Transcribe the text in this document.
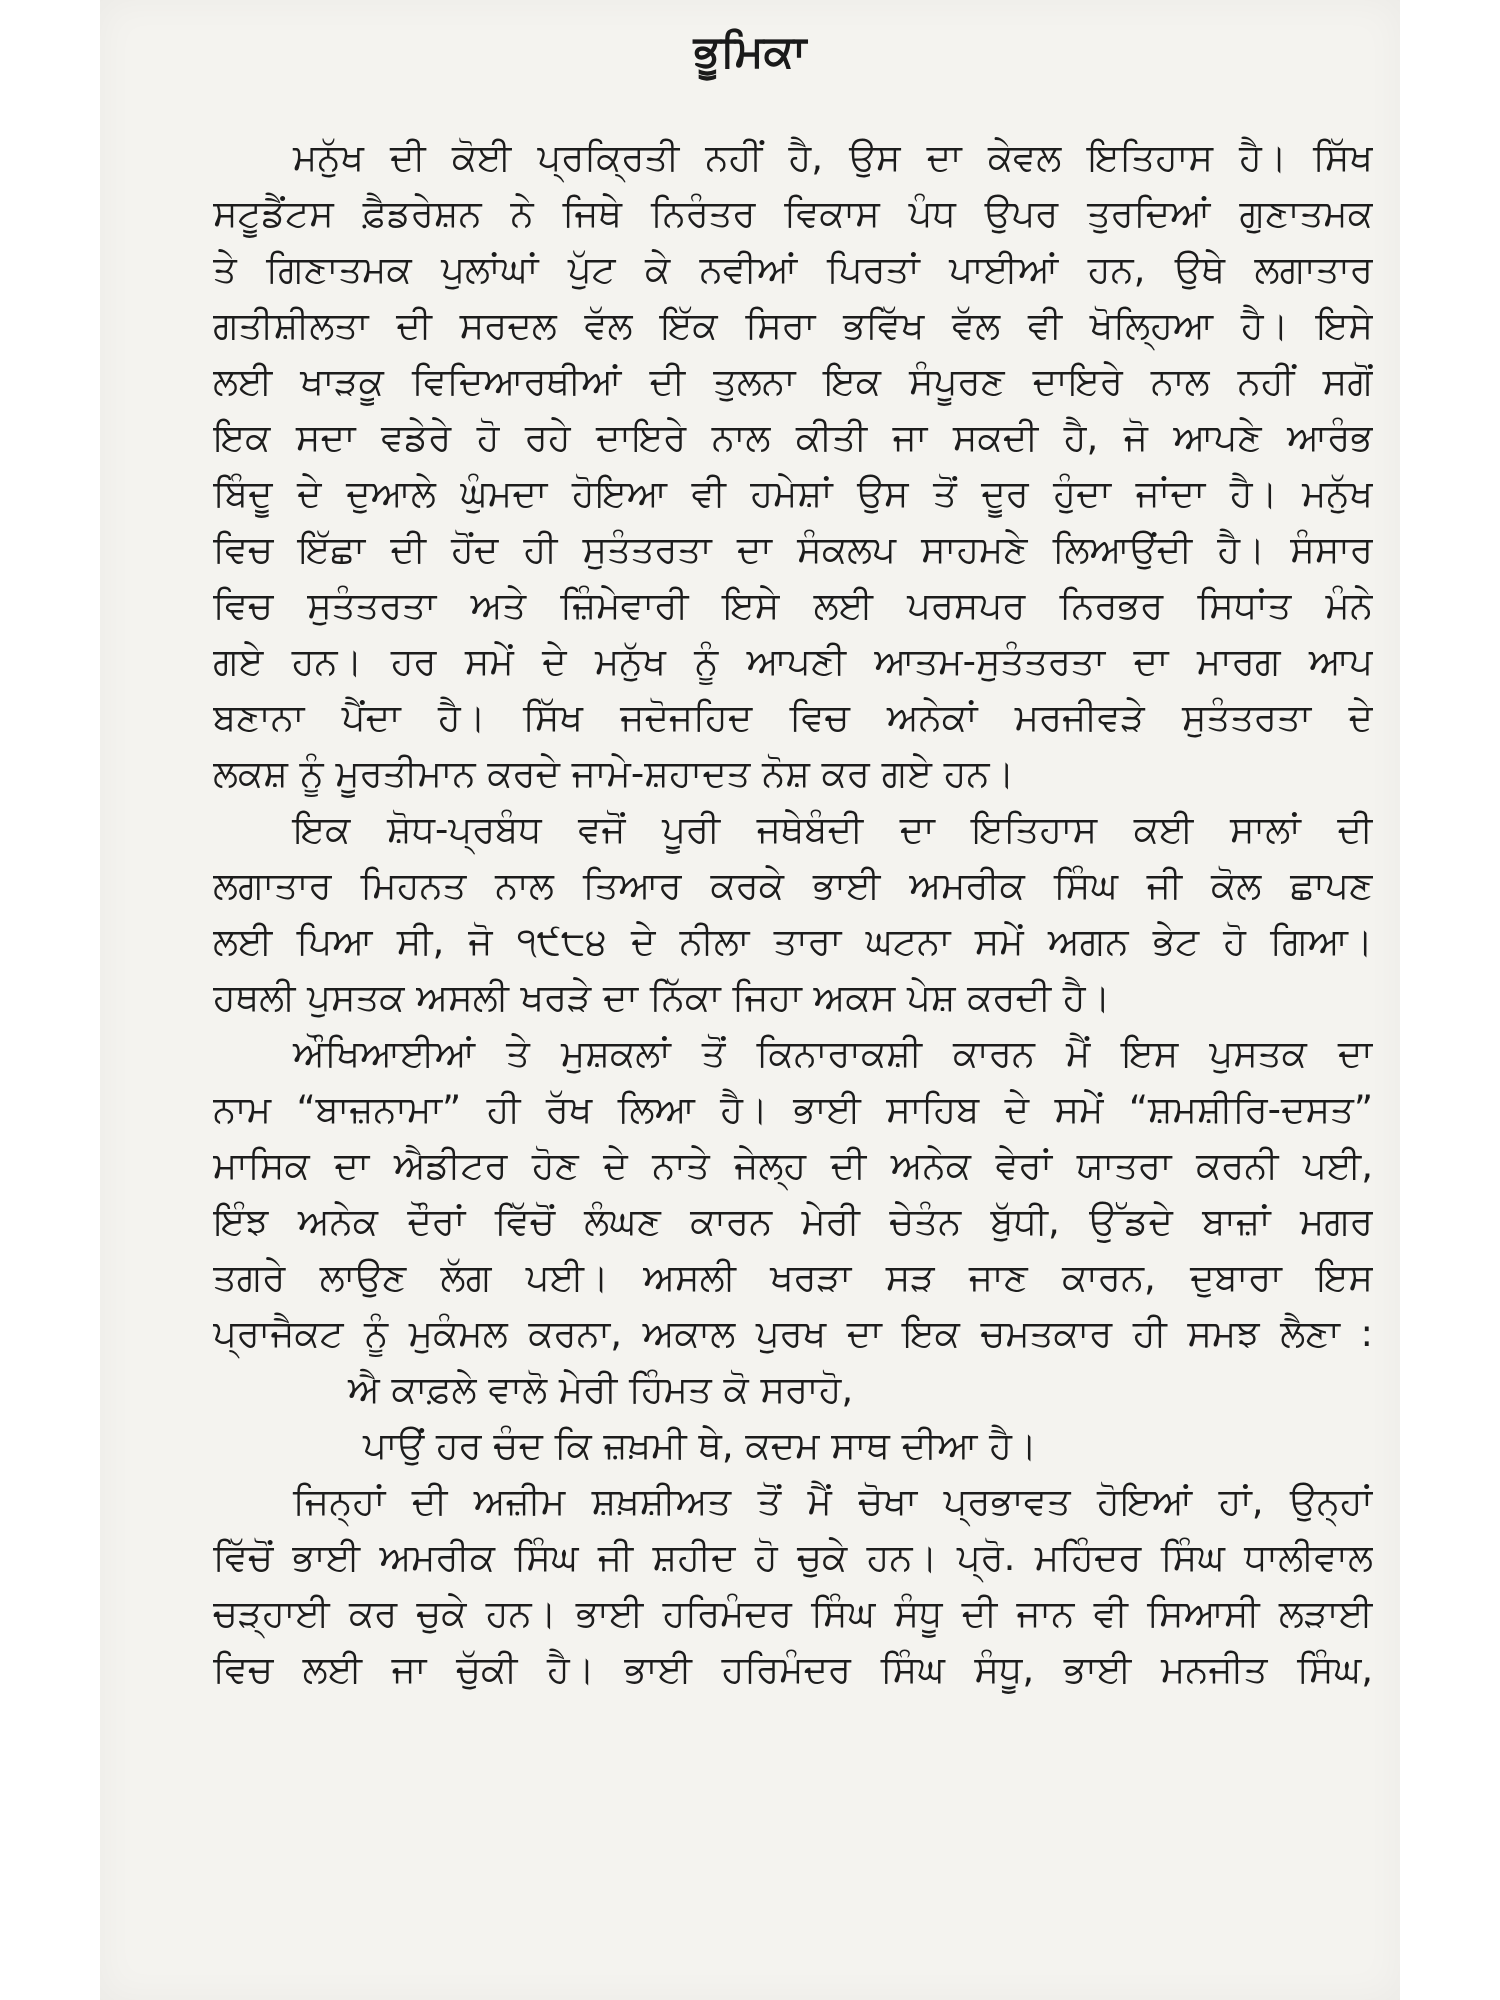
ਭੂਮਿਕਾ
ਮਨੁੱਖ ਦੀ ਕੋਈ ਪ੍ਰਕ੍ਰਿਤੀ ਨਹੀਂ ਹੈ, ਉਸ ਦਾ ਕੇਵਲ ਇਤਿਹਾਸ ਹੈ। ਸਿੱਖ
ਸਟੂਡੈਂਟਸ ਫ਼ੈਡਰੇਸ਼ਨ ਨੇ ਜਿਥੇ ਨਿਰੰਤਰ ਵਿਕਾਸ ਪੰਧ ਉਪਰ ਤੁਰਦਿਆਂ ਗੁਣਾਤਮਕ
ਤੇ ਗਿਣਾਤਮਕ ਪੁਲਾਂਘਾਂ ਪੁੱਟ ਕੇ ਨਵੀਆਂ ਪਿਰਤਾਂ ਪਾਈਆਂ ਹਨ, ਉਥੇ ਲਗਾਤਾਰ
ਗਤੀਸ਼ੀਲਤਾ ਦੀ ਸਰਦਲ ਵੱਲ ਇੱਕ ਸਿਰਾ ਭਵਿੱਖ ਵੱਲ ਵੀ ਖੋਲ੍ਹਿਆ ਹੈ। ਇਸੇ
ਲਈ ਖਾੜਕੂ ਵਿਦਿਆਰਥੀਆਂ ਦੀ ਤੁਲਨਾ ਇਕ ਸੰਪੂਰਣ ਦਾਇਰੇ ਨਾਲ ਨਹੀਂ ਸਗੋਂ
ਇਕ ਸਦਾ ਵਡੇਰੇ ਹੋ ਰਹੇ ਦਾਇਰੇ ਨਾਲ ਕੀਤੀ ਜਾ ਸਕਦੀ ਹੈ, ਜੋ ਆਪਣੇ ਆਰੰਭ
ਬਿੰਦੂ ਦੇ ਦੁਆਲੇ ਘੁੰਮਦਾ ਹੋਇਆ ਵੀ ਹਮੇਸ਼ਾਂ ਉਸ ਤੋਂ ਦੂਰ ਹੁੰਦਾ ਜਾਂਦਾ ਹੈ। ਮਨੁੱਖ
ਵਿਚ ਇੱਛਾ ਦੀ ਹੋਂਦ ਹੀ ਸੁਤੰਤਰਤਾ ਦਾ ਸੰਕਲਪ ਸਾਹਮਣੇ ਲਿਆਉਂਦੀ ਹੈ। ਸੰਸਾਰ
ਵਿਚ ਸੁਤੰਤਰਤਾ ਅਤੇ ਜ਼ਿੰਮੇਵਾਰੀ ਇਸੇ ਲਈ ਪਰਸਪਰ ਨਿਰਭਰ ਸਿਧਾਂਤ ਮੰਨੇ
ਗਏ ਹਨ। ਹਰ ਸਮੇਂ ਦੇ ਮਨੁੱਖ ਨੂੰ ਆਪਣੀ ਆਤਮ-ਸੁਤੰਤਰਤਾ ਦਾ ਮਾਰਗ ਆਪ
ਬਣਾਨਾ ਪੈਂਦਾ ਹੈ। ਸਿੱਖ ਜਦੋਜਹਿਦ ਵਿਚ ਅਨੇਕਾਂ ਮਰਜੀਵੜੇ ਸੁਤੰਤਰਤਾ ਦੇ
ਲਕਸ਼ ਨੂੰ ਮੂਰਤੀਮਾਨ ਕਰਦੇ ਜਾਮੇ-ਸ਼ਹਾਦਤ ਨੋਸ਼ ਕਰ ਗਏ ਹਨ।
ਇਕ ਸ਼ੋਧ-ਪ੍ਰਬੰਧ ਵਜੋਂ ਪੂਰੀ ਜਥੇਬੰਦੀ ਦਾ ਇਤਿਹਾਸ ਕਈ ਸਾਲਾਂ ਦੀ
ਲਗਾਤਾਰ ਮਿਹਨਤ ਨਾਲ ਤਿਆਰ ਕਰਕੇ ਭਾਈ ਅਮਰੀਕ ਸਿੰਘ ਜੀ ਕੋਲ ਛਾਪਣ
ਲਈ ਪਿਆ ਸੀ, ਜੋ ੧੯੮੪ ਦੇ ਨੀਲਾ ਤਾਰਾ ਘਟਨਾ ਸਮੇਂ ਅਗਨ ਭੇਟ ਹੋ ਗਿਆ।
ਹਥਲੀ ਪੁਸਤਕ ਅਸਲੀ ਖਰੜੇ ਦਾ ਨਿੱਕਾ ਜਿਹਾ ਅਕਸ ਪੇਸ਼ ਕਰਦੀ ਹੈ।
ਔਖਿਆਈਆਂ ਤੇ ਮੁਸ਼ਕਲਾਂ ਤੋਂ ਕਿਨਾਰਾਕਸ਼ੀ ਕਾਰਨ ਮੈਂ ਇਸ ਪੁਸਤਕ ਦਾ
ਨਾਮ “ਬਾਜ਼ਨਾਮਾ” ਹੀ ਰੱਖ ਲਿਆ ਹੈ। ਭਾਈ ਸਾਹਿਬ ਦੇ ਸਮੇਂ “ਸ਼ਮਸ਼ੀਰਿ-ਦਸਤ”
ਮਾਸਿਕ ਦਾ ਐਡੀਟਰ ਹੋਣ ਦੇ ਨਾਤੇ ਜੇਲ੍ਹ ਦੀ ਅਨੇਕ ਵੇਰਾਂ ਯਾਤਰਾ ਕਰਨੀ ਪਈ,
ਇੰਝ ਅਨੇਕ ਦੌਰਾਂ ਵਿੱਚੋਂ ਲੰਘਣ ਕਾਰਨ ਮੇਰੀ ਚੇਤੰਨ ਬੁੱਧੀ, ਉੱਡਦੇ ਬਾਜ਼ਾਂ ਮਗਰ
ਤਗਰੇ ਲਾਉਣ ਲੱਗ ਪਈ। ਅਸਲੀ ਖਰੜਾ ਸੜ ਜਾਣ ਕਾਰਨ, ਦੁਬਾਰਾ ਇਸ
ਪ੍ਰਾਜੈਕਟ ਨੂੰ ਮੁਕੰਮਲ ਕਰਨਾ, ਅਕਾਲ ਪੁਰਖ ਦਾ ਇਕ ਚਮਤਕਾਰ ਹੀ ਸਮਝ ਲੈਣਾ :
ਐ ਕਾਫ਼ਲੇ ਵਾਲੋ ਮੇਰੀ ਹਿੰਮਤ ਕੋ ਸਰਾਹੋ,
ਪਾਉਂ ਹਰ ਚੰਦ ਕਿ ਜ਼ਖ਼ਮੀ ਥੇ, ਕਦਮ ਸਾਥ ਦੀਆ ਹੈ।
ਜਿਨ੍ਹਾਂ ਦੀ ਅਜ਼ੀਮ ਸ਼ਖ਼ਸ਼ੀਅਤ ਤੋਂ ਮੈਂ ਚੋਖਾ ਪ੍ਰਭਾਵਤ ਹੋਇਆਂ ਹਾਂ, ਉਨ੍ਹਾਂ
ਵਿੱਚੋਂ ਭਾਈ ਅਮਰੀਕ ਸਿੰਘ ਜੀ ਸ਼ਹੀਦ ਹੋ ਚੁਕੇ ਹਨ। ਪ੍ਰੋ. ਮਹਿੰਦਰ ਸਿੰਘ ਧਾਲੀਵਾਲ
ਚੜ੍ਹਾਈ ਕਰ ਚੁਕੇ ਹਨ। ਭਾਈ ਹਰਿਮੰਦਰ ਸਿੰਘ ਸੰਧੂ ਦੀ ਜਾਨ ਵੀ ਸਿਆਸੀ ਲੜਾਈ
ਵਿਚ ਲਈ ਜਾ ਚੁੱਕੀ ਹੈ। ਭਾਈ ਹਰਿਮੰਦਰ ਸਿੰਘ ਸੰਧੂ, ਭਾਈ ਮਨਜੀਤ ਸਿੰਘ,
